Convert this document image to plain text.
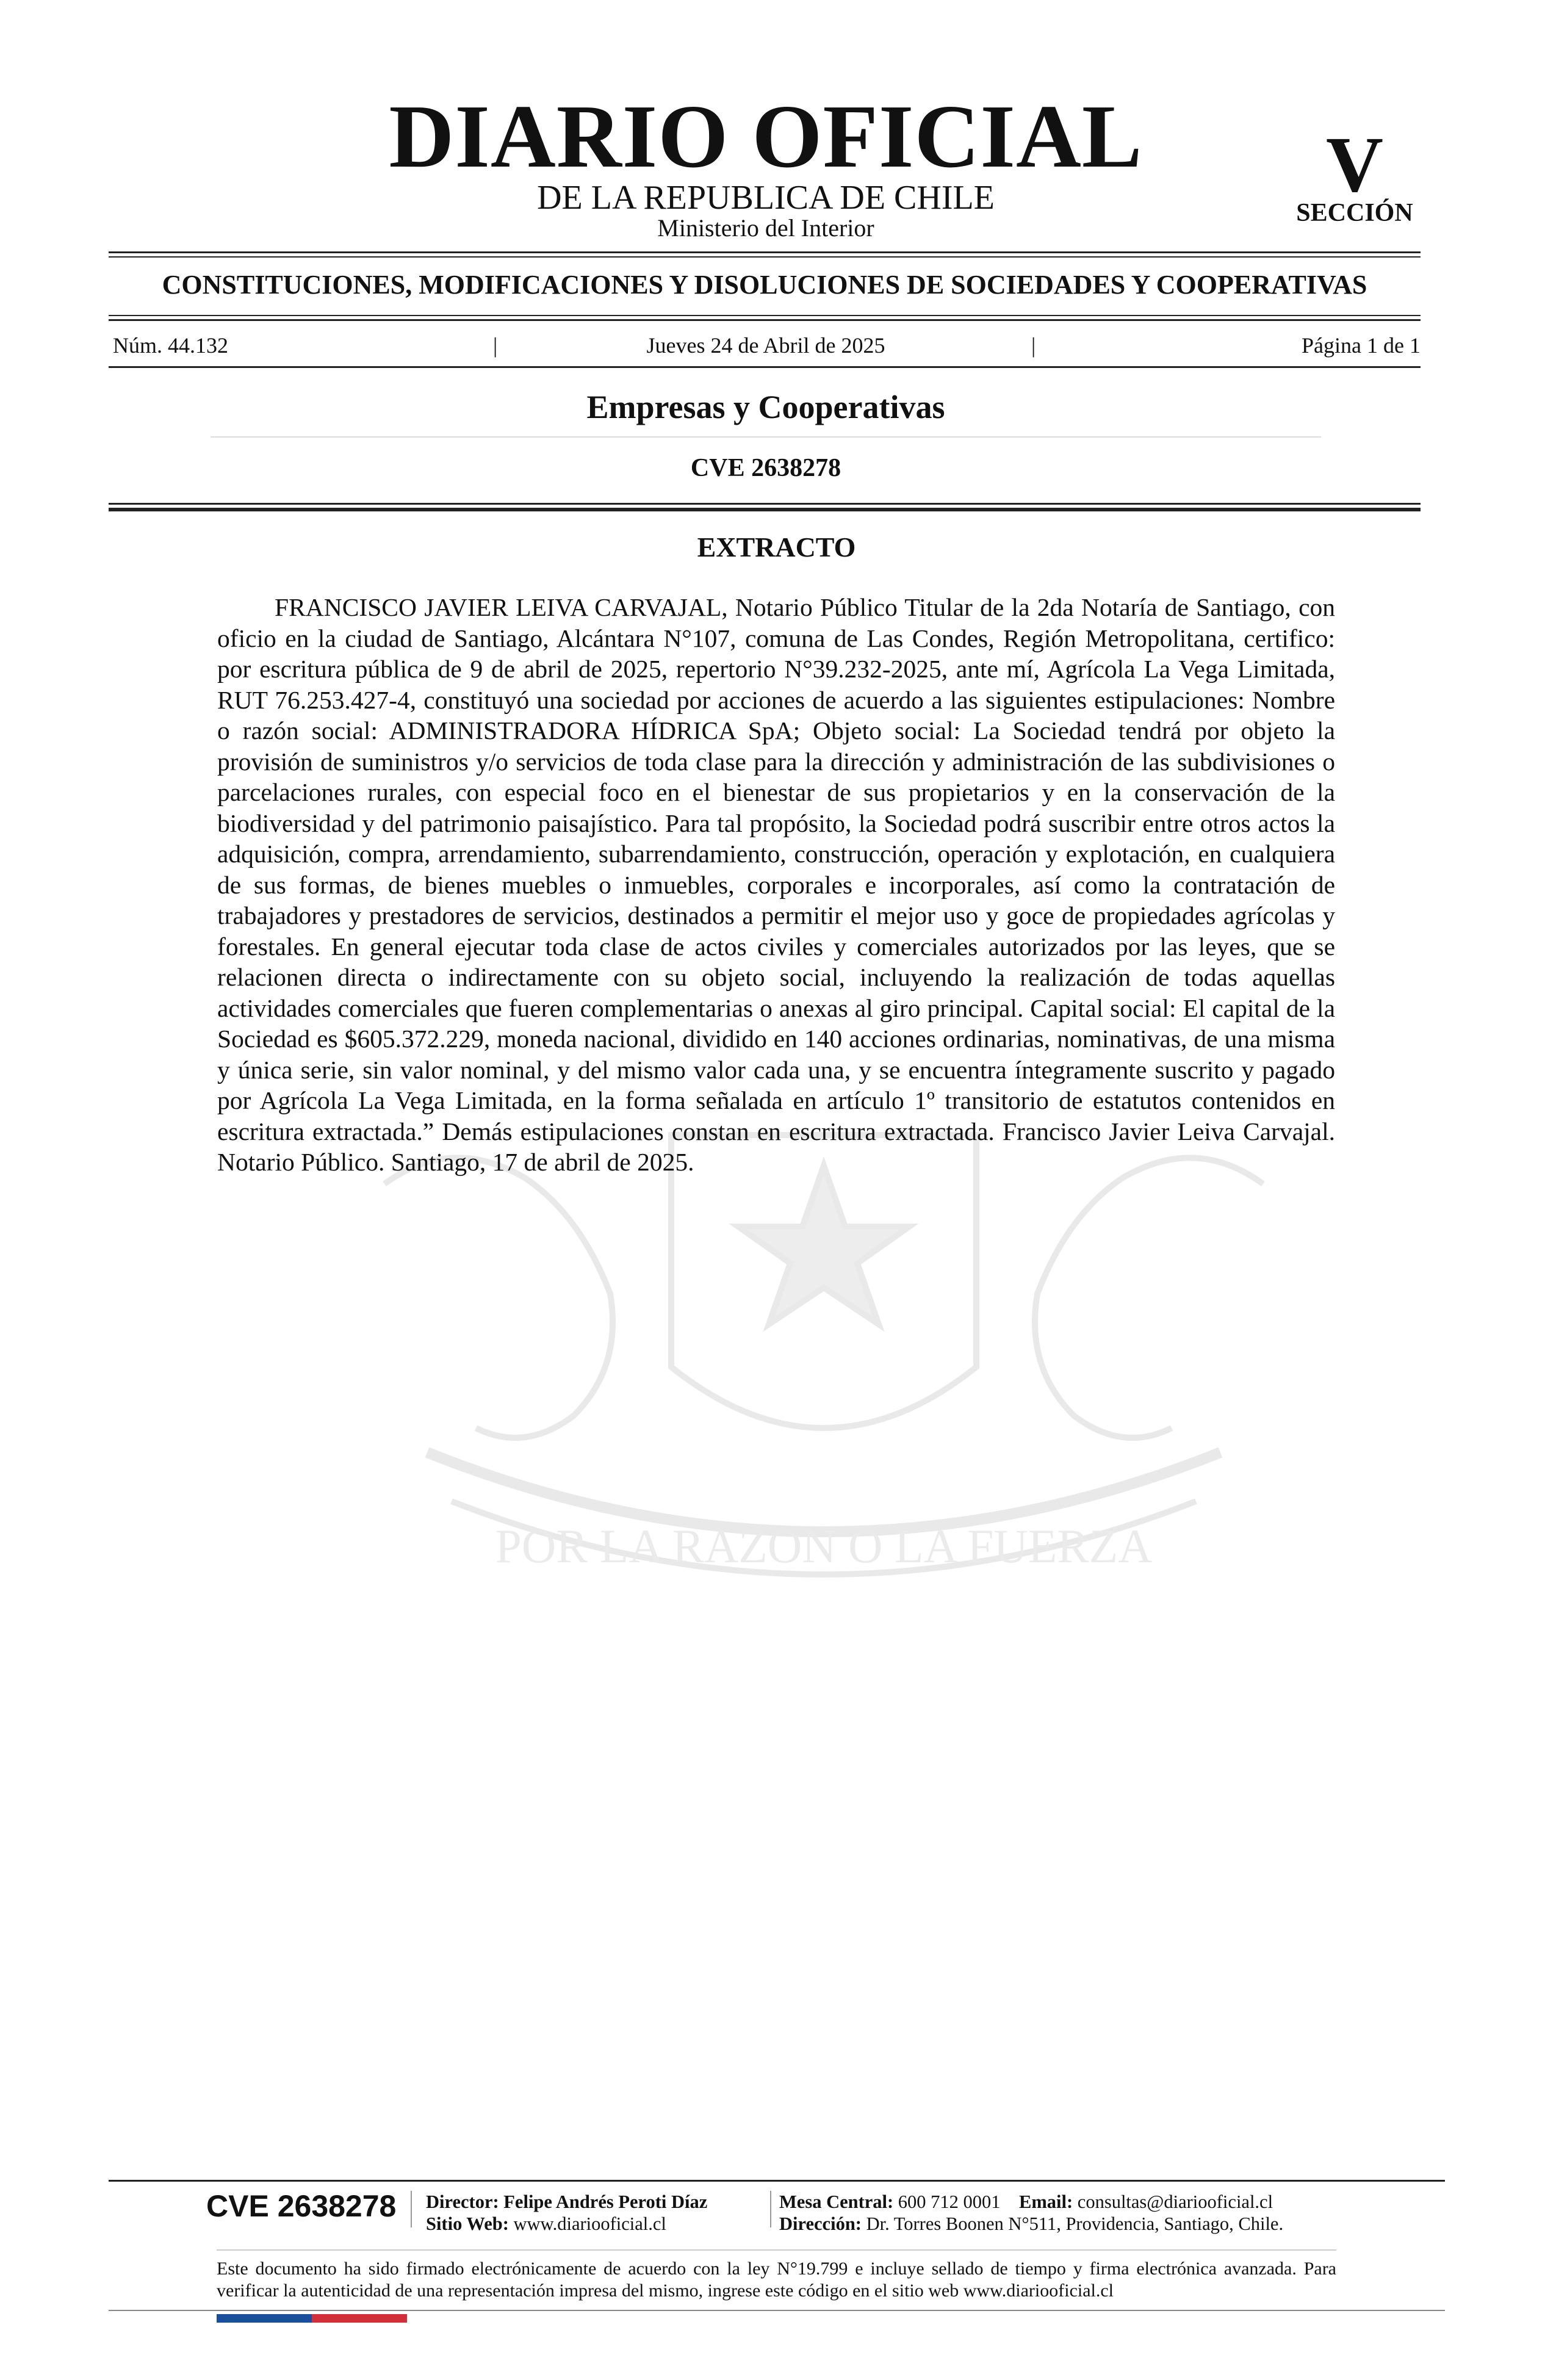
DIARIO OFICIAL
DE LA REPUBLICA DE CHILE
Ministerio del Interior
V
SECCIÓN
CONSTITUCIONES, MODIFICACIONES Y DISOLUCIONES DE SOCIEDADES Y COOPERATIVAS
Núm. 44.132	|	Jueves 24 de Abril de 2025	|	Página 1 de 1
Empresas y Cooperativas
CVE 2638278
POR LA RAZON O LA FUERZA
EXTRACTO
FRANCISCO JAVIER LEIVA CARVAJAL, Notario Público Titular de la 2da Notaría de Santiago, con oficio en la ciudad de Santiago, Alcántara N°107, comuna de Las Condes, Región Metropolitana, certifico: por escritura pública de 9 de abril de 2025, repertorio N°39.232-2025, ante mí, Agrícola La Vega Limitada, RUT 76.253.427-4, constituyó una sociedad por acciones de acuerdo a las siguientes estipulaciones: Nombre o razón social: ADMINISTRADORA HÍDRICA SpA; Objeto social: La Sociedad tendrá por objeto la provisión de suministros y/o servicios de toda clase para la dirección y administración de las subdivisiones o parcelaciones rurales, con especial foco en el bienestar de sus propietarios y en la conservación de la biodiversidad y del patrimonio paisajístico. Para tal propósito, la Sociedad podrá suscribir entre otros actos la adquisición, compra, arrendamiento, subarrendamiento, construcción, operación y explotación, en cualquiera de sus formas, de bienes muebles o inmuebles, corporales e incorporales, así como la contratación de trabajadores y prestadores de servicios, destinados a permitir el mejor uso y goce de propiedades agrícolas y forestales. En general ejecutar toda clase de actos civiles y comerciales autorizados por las leyes, que se relacionen directa o indirectamente con su objeto social, incluyendo la realización de todas aquellas actividades comerciales que fueren complementarias o anexas al giro principal. Capital social: El capital de la Sociedad es $605.372.229, moneda nacional, dividido en 140 acciones ordinarias, nominativas, de una misma y única serie, sin valor nominal, y del mismo valor cada una, y se encuentra íntegramente suscrito y pagado por Agrícola La Vega Limitada, en la forma señalada en artículo 1º transitorio de estatutos contenidos en escritura extractada.” Demás estipulaciones constan en escritura extractada. Francisco Javier Leiva Carvajal. Notario Público. Santiago, 17 de abril de 2025.
CVE 2638278 Director: Felipe Andrés Peroti Díaz
Sitio Web: www.diariooficial.cl
Mesa Central: 600 712 0001 Email: consultas@diariooficial.cl
Dirección: Dr. Torres Boonen N°511, Providencia, Santiago, Chile.
Este documento ha sido firmado electrónicamente de acuerdo con la ley N°19.799 e incluye sellado de tiempo y firma electrónica avanzada. Para verificar la autenticidad de una representación impresa del mismo, ingrese este código en el sitio web www.diariooficial.cl
